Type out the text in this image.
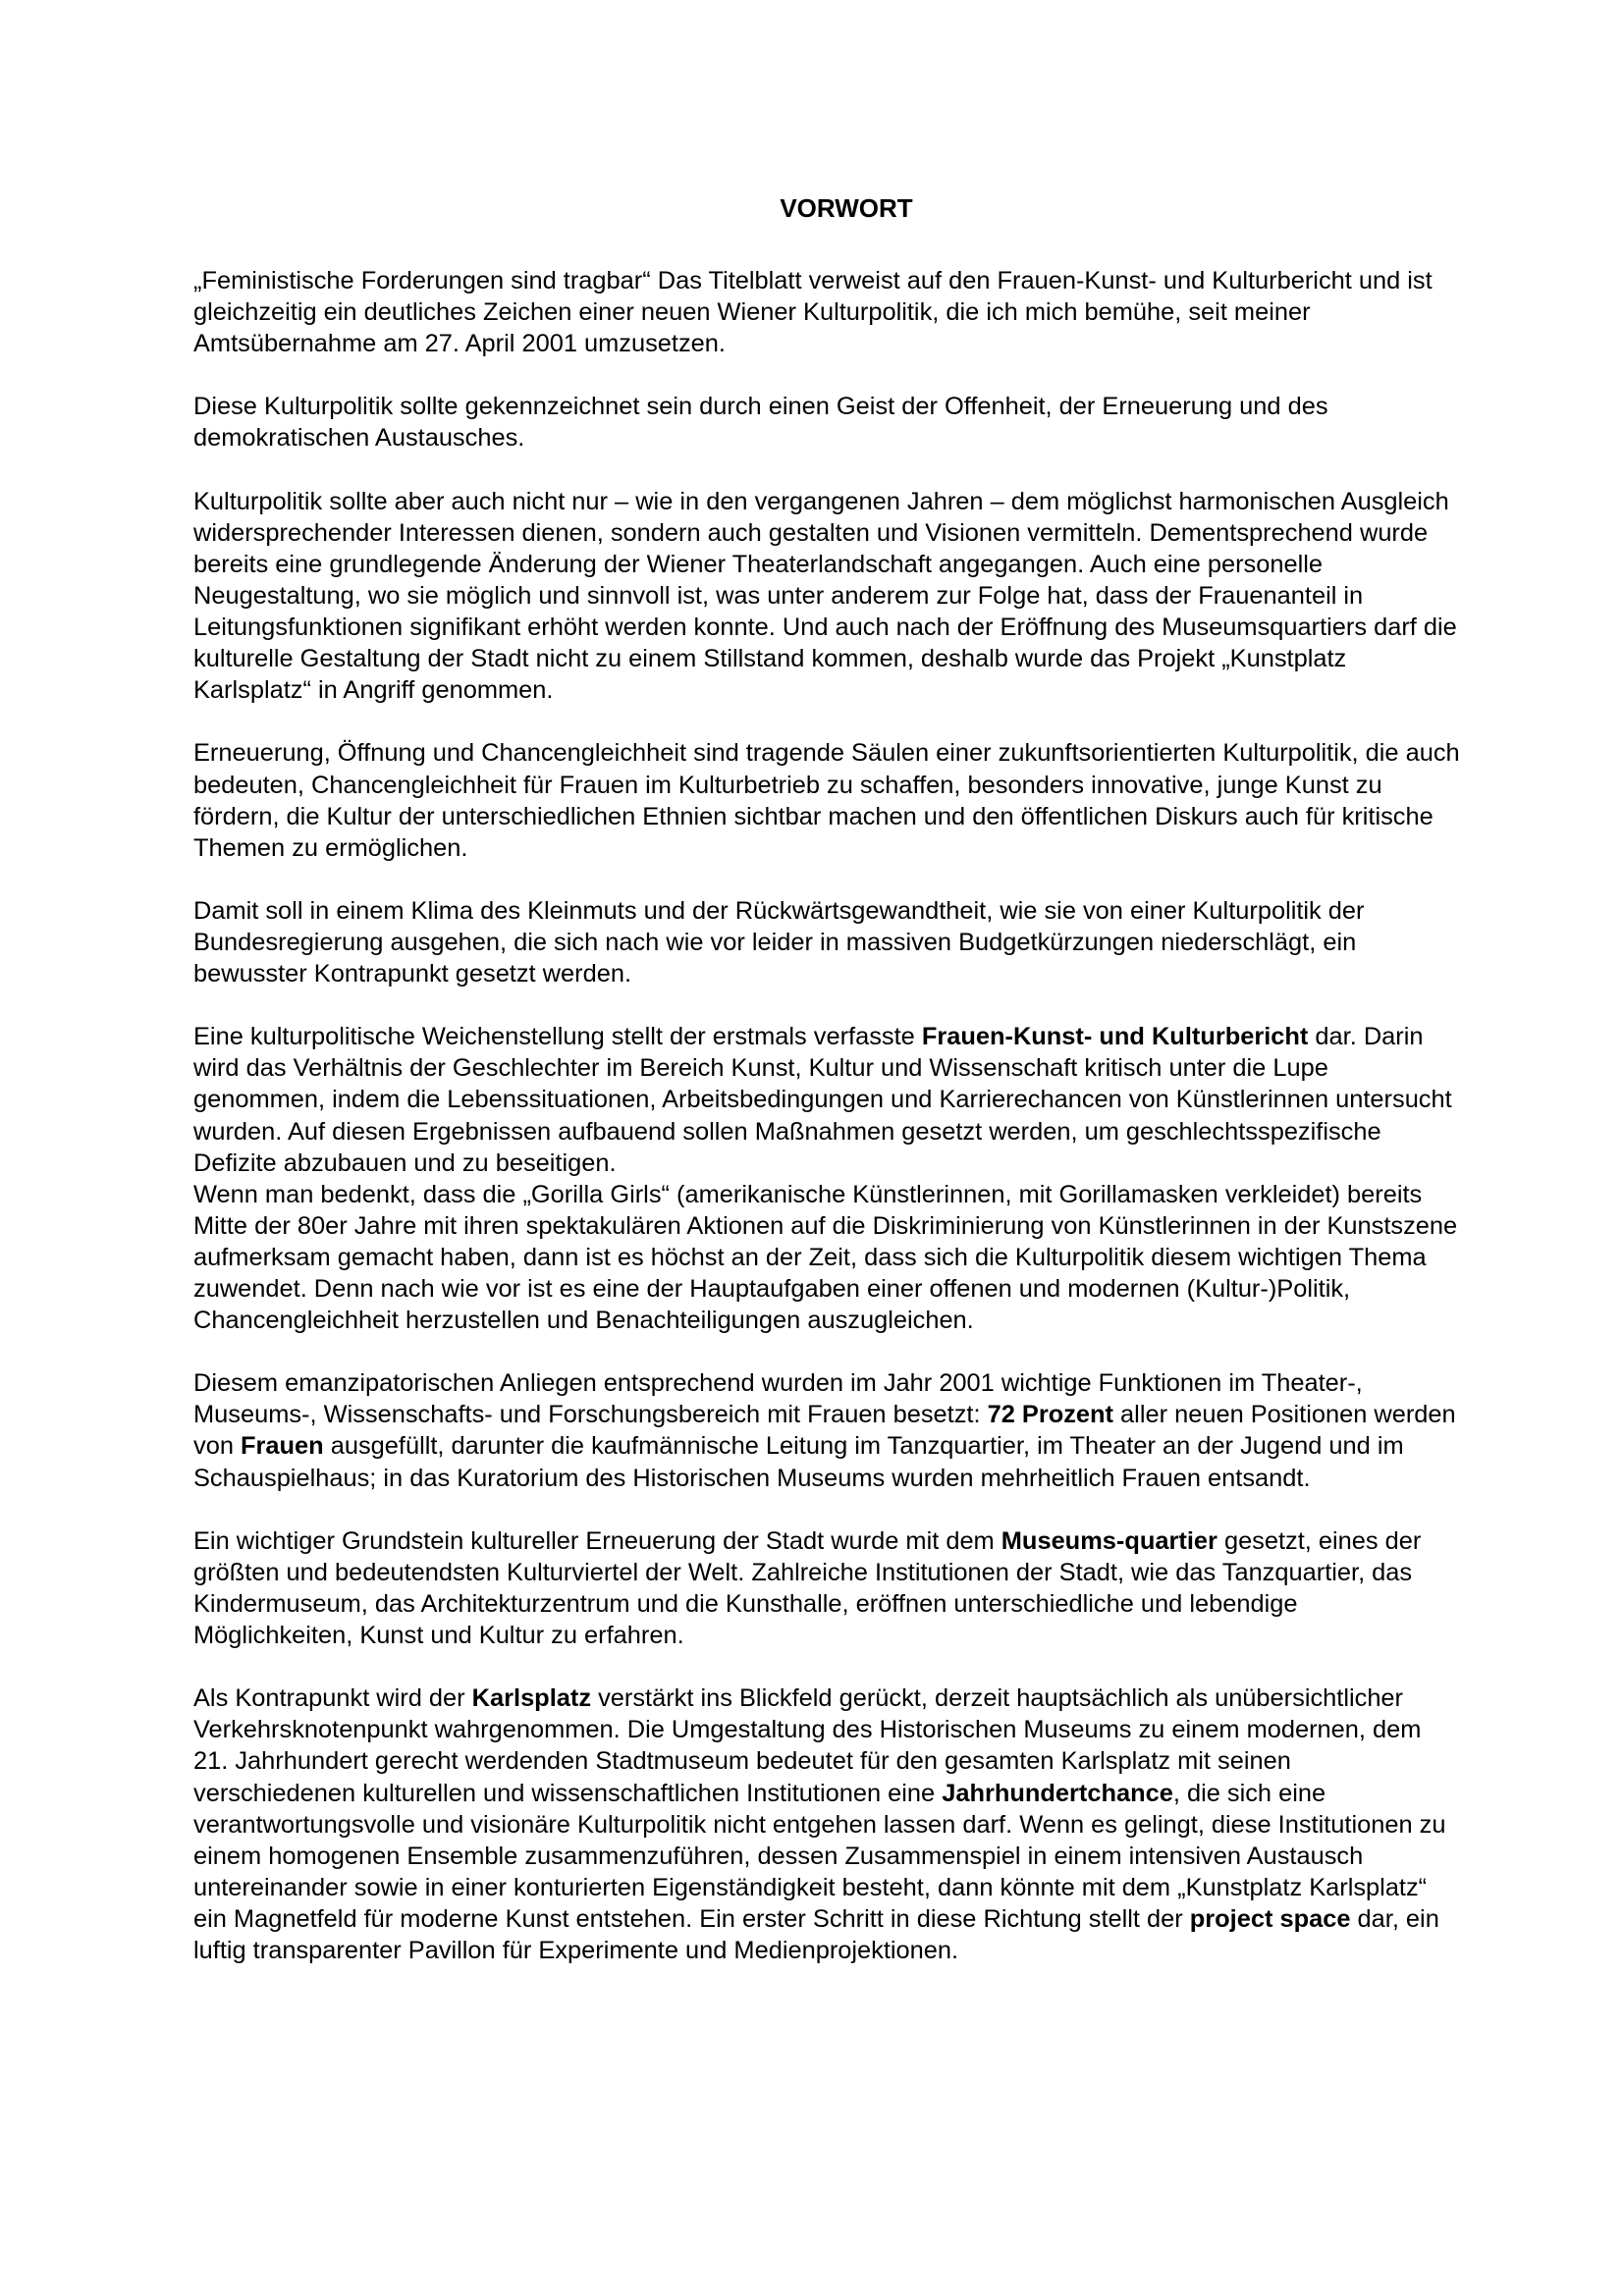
VORWORT

„Feministische Forderungen sind tragbar“ Das Titelblatt verweist auf den Frauen-Kunst- und Kulturbericht und ist gleichzeitig ein deutliches Zeichen einer neuen Wiener Kulturpolitik, die ich mich bemühe, seit meiner Amtsübernahme am 27. April 2001 umzusetzen.

Diese Kulturpolitik sollte gekennzeichnet sein durch einen Geist der Offenheit, der Erneuerung und des demokratischen Austausches.

Kulturpolitik sollte aber auch nicht nur – wie in den vergangenen Jahren – dem möglichst harmonischen Ausgleich widersprechender Interessen dienen, sondern auch gestalten und Visionen vermitteln. Dementsprechend wurde bereits eine grundlegende Änderung der Wiener Theaterlandschaft angegangen. Auch eine personelle Neugestaltung, wo sie möglich und sinnvoll ist, was unter anderem zur Folge hat, dass der Frauenanteil in Leitungsfunktionen signifikant erhöht werden konnte. Und auch nach der Eröffnung des Museumsquartiers darf die kulturelle Gestaltung der Stadt nicht zu einem Stillstand kommen, deshalb wurde das Projekt „Kunstplatz Karlsplatz“ in Angriff genommen.

Erneuerung, Öffnung und Chancengleichheit sind tragende Säulen einer zukunftsorientierten Kulturpolitik, die auch bedeuten, Chancengleichheit für Frauen im Kulturbetrieb zu schaffen, besonders innovative, junge Kunst zu fördern, die Kultur der unterschiedlichen Ethnien sichtbar machen und den öffentlichen Diskurs auch für kritische Themen zu ermöglichen.

Damit soll in einem Klima des Kleinmuts und der Rückwärtsgewandtheit, wie sie von einer Kulturpolitik der Bundesregierung ausgehen, die sich nach wie vor leider in massiven Budgetkürzungen niederschlägt, ein bewusster Kontrapunkt gesetzt werden.

Eine kulturpolitische Weichenstellung stellt der erstmals verfasste Frauen-Kunst- und Kulturbericht dar. Darin wird das Verhältnis der Geschlechter im Bereich Kunst, Kultur und Wissenschaft kritisch unter die Lupe genommen, indem die Lebenssituationen, Arbeitsbedingungen und Karrierechancen von Künstlerinnen untersucht wurden. Auf diesen Ergebnissen aufbauend sollen Maßnahmen gesetzt werden, um geschlechtsspezifische Defizite abzubauen und zu beseitigen.

Wenn man bedenkt, dass die „Gorilla Girls“ (amerikanische Künstlerinnen, mit Gorillamasken verkleidet) bereits Mitte der 80er Jahre mit ihren spektakulären Aktionen auf die Diskriminierung von Künstlerinnen in der Kunstszene aufmerksam gemacht haben, dann ist es höchst an der Zeit, dass sich die Kulturpolitik diesem wichtigen Thema zuwendet. Denn nach wie vor ist es eine der Hauptaufgaben einer offenen und modernen (Kultur-)Politik, Chancengleichheit herzustellen und Benachteiligungen auszugleichen.

Diesem emanzipatorischen Anliegen entsprechend wurden im Jahr 2001 wichtige Funktionen im Theater-, Museums-, Wissenschafts- und Forschungsbereich mit Frauen besetzt: 72 Prozent aller neuen Positionen werden von Frauen ausgefüllt, darunter die kaufmännische Leitung im Tanzquartier, im Theater an der Jugend und im Schauspielhaus; in das Kuratorium des Historischen Museums wurden mehrheitlich Frauen entsandt.

Ein wichtiger Grundstein kultureller Erneuerung der Stadt wurde mit dem Museums-quartier gesetzt, eines der größten und bedeutendsten Kulturviertel der Welt. Zahlreiche Institutionen der Stadt, wie das Tanzquartier, das Kindermuseum, das Architekturzentrum und die Kunsthalle, eröffnen unterschiedliche und lebendige Möglichkeiten, Kunst und Kultur zu erfahren.

Als Kontrapunkt wird der Karlsplatz verstärkt ins Blickfeld gerückt, derzeit hauptsächlich als unübersichtlicher Verkehrsknotenpunkt wahrgenommen. Die Umgestaltung des Historischen Museums zu einem modernen, dem 21. Jahrhundert gerecht werdenden Stadtmuseum bedeutet für den gesamten Karlsplatz mit seinen verschiedenen kulturellen und wissenschaftlichen Institutionen eine Jahrhundertchance, die sich eine verantwortungsvolle und visionäre Kulturpolitik nicht entgehen lassen darf. Wenn es gelingt, diese Institutionen zu einem homogenen Ensemble zusammenzuführen, dessen Zusammenspiel in einem intensiven Austausch untereinander sowie in einer konturierten Eigenständigkeit besteht, dann könnte mit dem „Kunstplatz Karlsplatz“ ein Magnetfeld für moderne Kunst entstehen. Ein erster Schritt in diese Richtung stellt der project space dar, ein luftig transparenter Pavillon für Experimente und Medienprojektionen.
